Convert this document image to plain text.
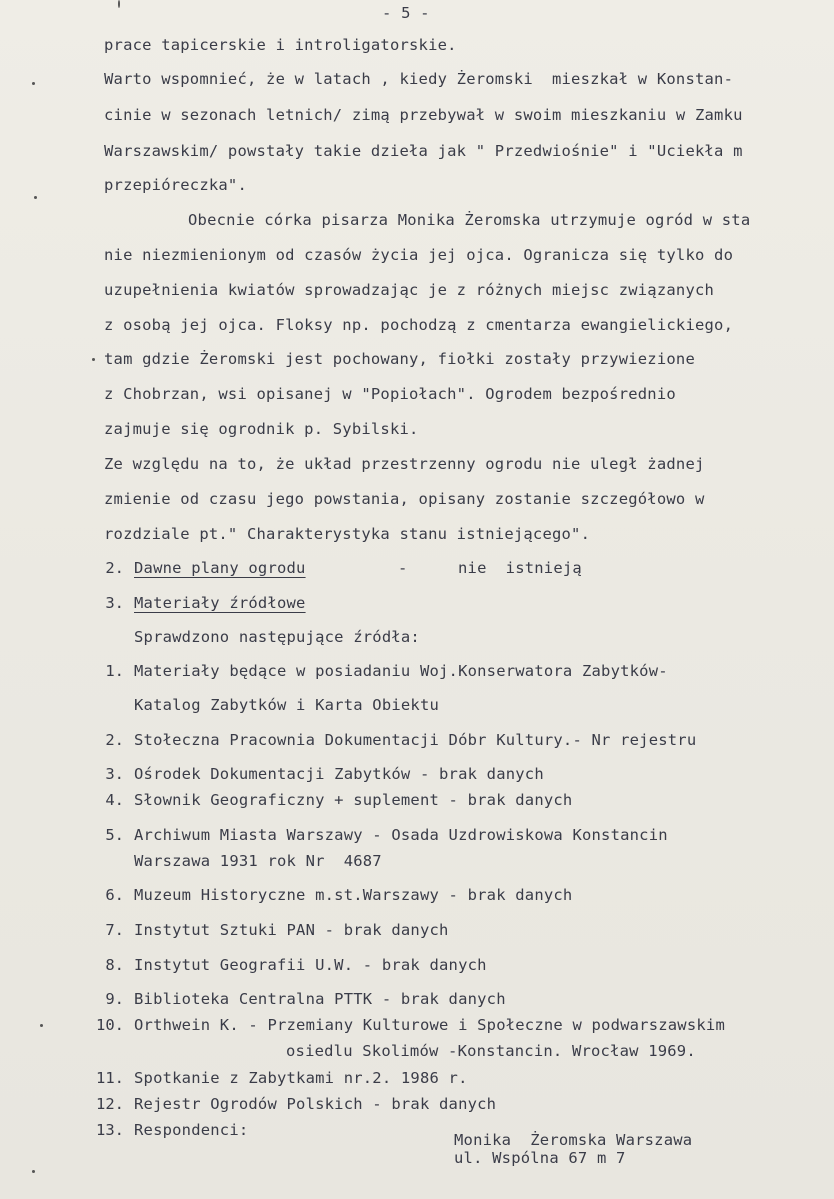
- 5 -
prace tapicerskie i introligatorskie.
Warto wspomnieć, że w latach , kiedy Żeromski  mieszkał w Konstan-
cinie w sezonach letnich/ zimą przebywał w swoim mieszkaniu w Zamku
Warszawskim/ powstały takie dzieła jak " Przedwiośnie" i "Uciekła m
przepióreczka".
Obecnie córka pisarza Monika Żeromska utrzymuje ogród w sta
nie niezmienionym od czasów życia jej ojca. Ogranicza się tylko do
uzupełnienia kwiatów sprowadzając je z różnych miejsc związanych
z osobą jej ojca. Floksy np. pochodzą z cmentarza ewangielickiego,
tam gdzie Żeromski jest pochowany, fiołki zostały przywiezione
z Chobrzan, wsi opisanej w "Popiołach". Ogrodem bezpośrednio
zajmuje się ogrodnik p. Sybilski.
Ze względu na to, że układ przestrzenny ogrodu nie uległ żadnej
zmienie od czasu jego powstania, opisany zostanie szczegółowo w
rozdziale pt." Charakterystyka stanu istniejącego".
2. Dawne plany ogrodu	-	nie  istnieją
3. Materiały źródłowe
Sprawdzono następujące źródła:
1. Materiały będące w posiadaniu Woj.Konserwatora Zabytków-
Katalog Zabytków i Karta Obiektu
2. Stołeczna Pracownia Dokumentacji Dóbr Kultury.- Nr rejestru
3. Ośrodek Dokumentacji Zabytków - brak danych
4. Słownik Geograficzny + suplement - brak danych
5. Archiwum Miasta Warszawy - Osada Uzdrowiskowa Konstancin
Warszawa 1931 rok Nr  4687
6. Muzeum Historyczne m.st.Warszawy - brak danych
7. Instytut Sztuki PAN - brak danych
8. Instytut Geografii U.W. - brak danych
9. Biblioteka Centralna PTTK - brak danych
10. Orthwein K. - Przemiany Kulturowe i Społeczne w podwarszawskim
osiedlu Skolimów -Konstancin. Wrocław 1969.
11. Spotkanie z Zabytkami nr.2. 1986 r.
12. Rejestr Ogrodów Polskich - brak danych
13. Respondenci:
Monika  Żeromska Warszawa
ul. Wspólna 67 m 7
